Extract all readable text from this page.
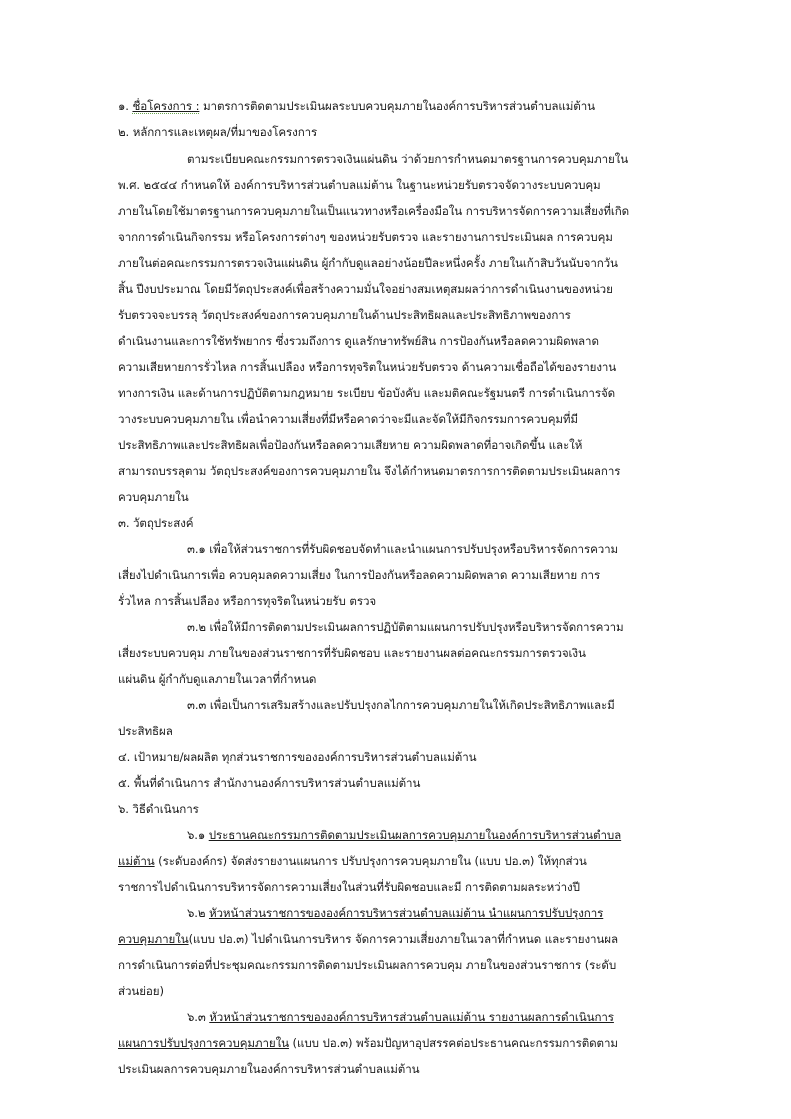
๑. ชื่อโครงการ : มาตรการติดตามประเมินผลระบบควบคุมภายในองค์การบริหารส่วนตำบลแม่ต้าน
๒. หลักการและเหตุผล/ที่มาของโครงการ
ตามระเบียบคณะกรรมการตรวจเงินแผ่นดิน ว่าด้วยการกำหนดมาตรฐานการควบคุมภายใน
พ.ศ. ๒๕๔๔ กำหนดให้ องค์การบริหารส่วนตำบลแม่ต้าน ในฐานะหน่วยรับตรวจจัดวางระบบควบคุม
ภายในโดยใช้มาตรฐานการควบคุมภายในเป็นแนวทางหรือเครื่องมือใน การบริหารจัดการความเสี่ยงที่เกิด
จากการดำเนินกิจกรรม หรือโครงการต่างๆ ของหน่วยรับตรวจ และรายงานการประเมินผล การควบคุม
ภายในต่อคณะกรรมการตรวจเงินแผ่นดิน ผู้กำกับดูแลอย่างน้อยปีละหนึ่งครั้ง ภายในเก้าสิบวันนับจากวัน
สิ้น ปีงบประมาณ โดยมีวัตถุประสงค์เพื่อสร้างความมั่นใจอย่างสมเหตุสมผลว่าการดำเนินงานของหน่วย
รับตรวจจะบรรลุ วัตถุประสงค์ของการควบคุมภายในด้านประสิทธิผลและประสิทธิภาพของการ
ดำเนินงานและการใช้ทรัพยากร ซึ่งรวมถึงการ ดูแลรักษาทรัพย์สิน การป้องกันหรือลดความผิดพลาด
ความเสียหายการรั่วไหล การสิ้นเปลือง หรือการทุจริตในหน่วยรับตรวจ ด้านความเชื่อถือได้ของรายงาน
ทางการเงิน และด้านการปฏิบัติตามกฎหมาย ระเบียบ ข้อบังคับ และมติคณะรัฐมนตรี การดำเนินการจัด
วางระบบควบคุมภายใน เพื่อนำความเสี่ยงที่มีหรือคาดว่าจะมีและจัดให้มีกิจกรรมการควบคุมที่มี
ประสิทธิภาพและประสิทธิผลเพื่อป้องกันหรือลดความเสียหาย ความผิดพลาดที่อาจเกิดขึ้น และให้
สามารถบรรลุตาม วัตถุประสงค์ของการควบคุมภายใน จึงได้กำหนดมาตรการการติดตามประเมินผลการ
ควบคุมภายใน
๓. วัตถุประสงค์
๓.๑ เพื่อให้ส่วนราชการที่รับผิดชอบจัดทำและนำแผนการปรับปรุงหรือบริหารจัดการความ
เสี่ยงไปดำเนินการเพื่อ ควบคุมลดความเสี่ยง ในการป้องกันหรือลดความผิดพลาด ความเสียหาย การ
รั่วไหล การสิ้นเปลือง หรือการทุจริตในหน่วยรับ ตรวจ
๓.๒ เพื่อให้มีการติดตามประเมินผลการปฏิบัติตามแผนการปรับปรุงหรือบริหารจัดการความ
เสี่ยงระบบควบคุม ภายในของส่วนราชการที่รับผิดชอบ และรายงานผลต่อคณะกรรมการตรวจเงิน
แผ่นดิน ผู้กำกับดูแลภายในเวลาที่กำหนด
๓.๓ เพื่อเป็นการเสริมสร้างและปรับปรุงกลไกการควบคุมภายในให้เกิดประสิทธิภาพและมี
ประสิทธิผล
๔. เป้าหมาย/ผลผลิต ทุกส่วนราชการขององค์การบริหารส่วนตำบลแม่ต้าน
๕. พื้นที่ดำเนินการ สำนักงานองค์การบริหารส่วนตำบลแม่ต้าน
๖. วิธีดำเนินการ
๖.๑ ประธานคณะกรรมการติดตามประเมินผลการควบคุมภายในองค์การบริหารส่วนตำบล
แม่ต้าน (ระดับองค์กร) จัดส่งรายงานแผนการ ปรับปรุงการควบคุมภายใน (แบบ ปอ.๓) ให้ทุกส่วน
ราชการไปดำเนินการบริหารจัดการความเสี่ยงในส่วนที่รับผิดชอบและมี การติดตามผลระหว่างปี
๖.๒ หัวหน้าส่วนราชการขององค์การบริหารส่วนตำบลแม่ต้าน นำแผนการปรับปรุงการ
ควบคุมภายใน(แบบ ปอ.๓) ไปดำเนินการบริหาร จัดการความเสี่ยงภายในเวลาที่กำหนด และรายงานผล
การดำเนินการต่อที่ประชุมคณะกรรมการติดตามประเมินผลการควบคุม ภายในของส่วนราชการ (ระดับ
ส่วนย่อย)
๖.๓ หัวหน้าส่วนราชการขององค์การบริหารส่วนตำบลแม่ต้าน รายงานผลการดำเนินการ
แผนการปรับปรุงการควบคุมภายใน (แบบ ปอ.๓) พร้อมปัญหาอุปสรรคต่อประธานคณะกรรมการติดตาม
ประเมินผลการควบคุมภายในองค์การบริหารส่วนตำบลแม่ต้าน
